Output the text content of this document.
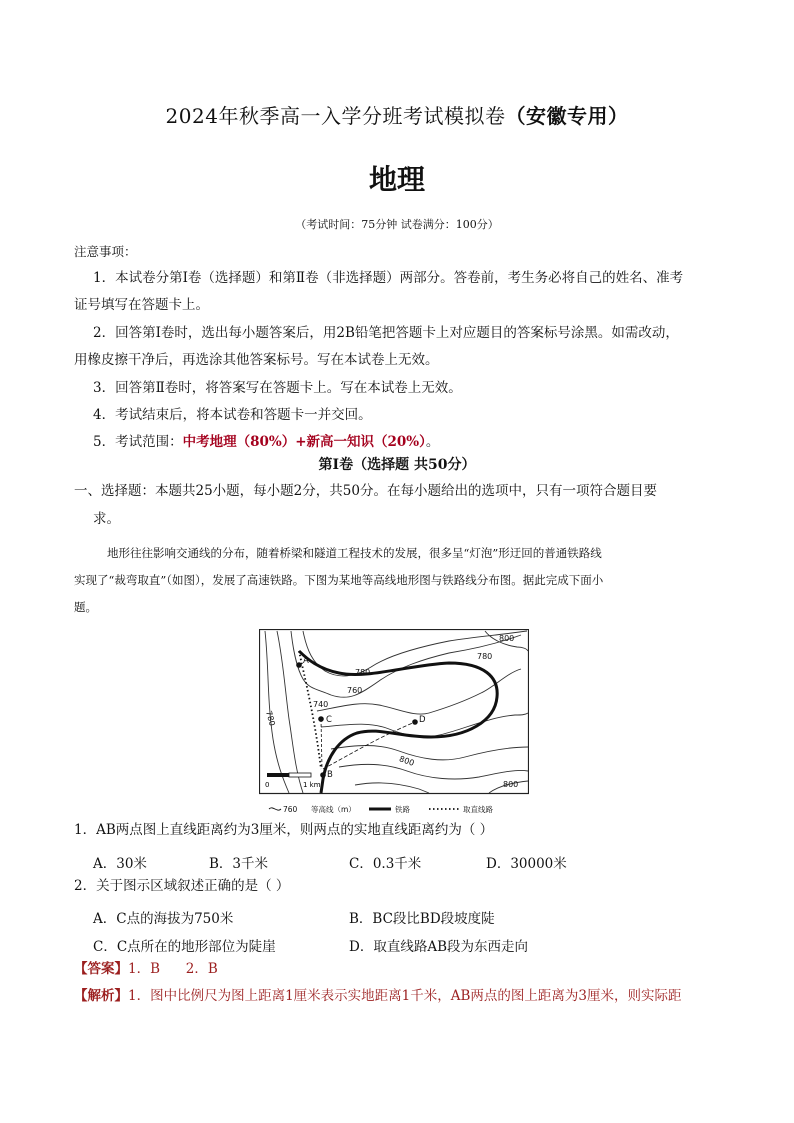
2024年秋季高一入学分班考试模拟卷（安徽专用）
地理
（考试时间：75分钟 试卷满分：100分）
注意事项：
1．本试卷分第Ⅰ卷（选择题）和第Ⅱ卷（非选择题）两部分。答卷前，考生务必将自己的姓名、准考
证号填写在答题卡上。
2．回答第Ⅰ卷时，选出每小题答案后，用2B铅笔把答题卡上对应题目的答案标号涂黑。如需改动，
用橡皮擦干净后，再选涂其他答案标号。写在本试卷上无效。
3．回答第Ⅱ卷时，将答案写在答题卡上。写在本试卷上无效。
4．考试结束后，将本试卷和答题卡一并交回。
5．考试范围：中考地理（80%）+新高一知识（20%）。
第Ⅰ卷（选择题 共50分）
一、选择题：本题共25小题，每小题2分，共50分。在每小题给出的选项中，只有一项符合题目要
求。
地形往往影响交通线的分布，随着桥梁和隧道工程技术的发展，很多呈“灯泡”形迂回的普通铁路线
实现了“裁弯取直”（如图），发展了高速铁路。下图为某地等高线地形图与铁路线分布图。据此完成下面小
题。
A
B
C	D
800
780
780
760
740
780
800
800
0	1 km
760 等高线（m）	铁路	取直线路
1．AB两点图上直线距离约为3厘米，则两点的实地直线距离约为（ ）
A．30米	B．3千米	C．0.3千米	D．30000米
2．关于图示区域叙述正确的是（ ）
A．C点的海拔为750米	B．BC段比BD段坡度陡
C．C点所在的地形部位为陡崖	D．取直线路AB段为东西走向
【答案】1．B      2．B
【解析】1．图中比例尺为图上距离1厘米表示实地距离1千米，AB两点的图上距离为3厘米，则实际距
